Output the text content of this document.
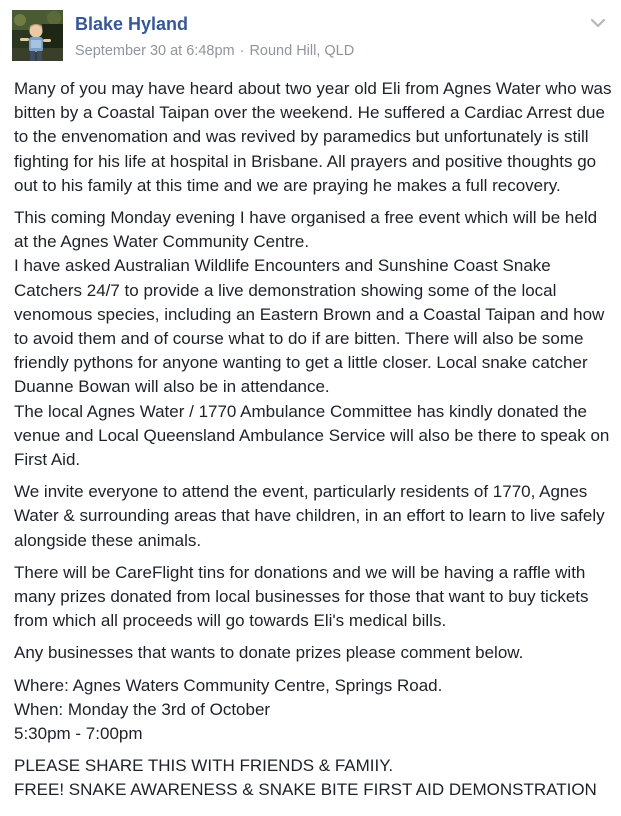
Blake Hyland
September 30 at 6:48pm · Round Hill, QLD

Many of you may have heard about two year old Eli from Agnes Water who was bitten by a Coastal Taipan over the weekend. He suffered a Cardiac Arrest due to the envenomation and was revived by paramedics but unfortunately is still fighting for his life at hospital in Brisbane. All prayers and positive thoughts go out to his family at this time and we are praying he makes a full recovery.

This coming Monday evening I have organised a free event which will be held at the Agnes Water Community Centre.
I have asked Australian Wildlife Encounters and Sunshine Coast Snake Catchers 24/7 to provide a live demonstration showing some of the local venomous species, including an Eastern Brown and a Coastal Taipan and how to avoid them and of course what to do if are bitten. There will also be some friendly pythons for anyone wanting to get a little closer. Local snake catcher Duanne Bowan will also be in attendance.
The local Agnes Water / 1770 Ambulance Committee has kindly donated the venue and Local Queensland Ambulance Service will also be there to speak on First Aid.

We invite everyone to attend the event, particularly residents of 1770, Agnes Water & surrounding areas that have children, in an effort to learn to live safely alongside these animals.

There will be CareFlight tins for donations and we will be having a raffle with many prizes donated from local businesses for those that want to buy tickets from which all proceeds will go towards Eli's medical bills.

Any businesses that wants to donate prizes please comment below.

Where: Agnes Waters Community Centre, Springs Road.
When: Monday the 3rd of October
5:30pm - 7:00pm

PLEASE SHARE THIS WITH FRIENDS & FAMIIY.
FREE! SNAKE AWARENESS & SNAKE BITE FIRST AID DEMONSTRATION
